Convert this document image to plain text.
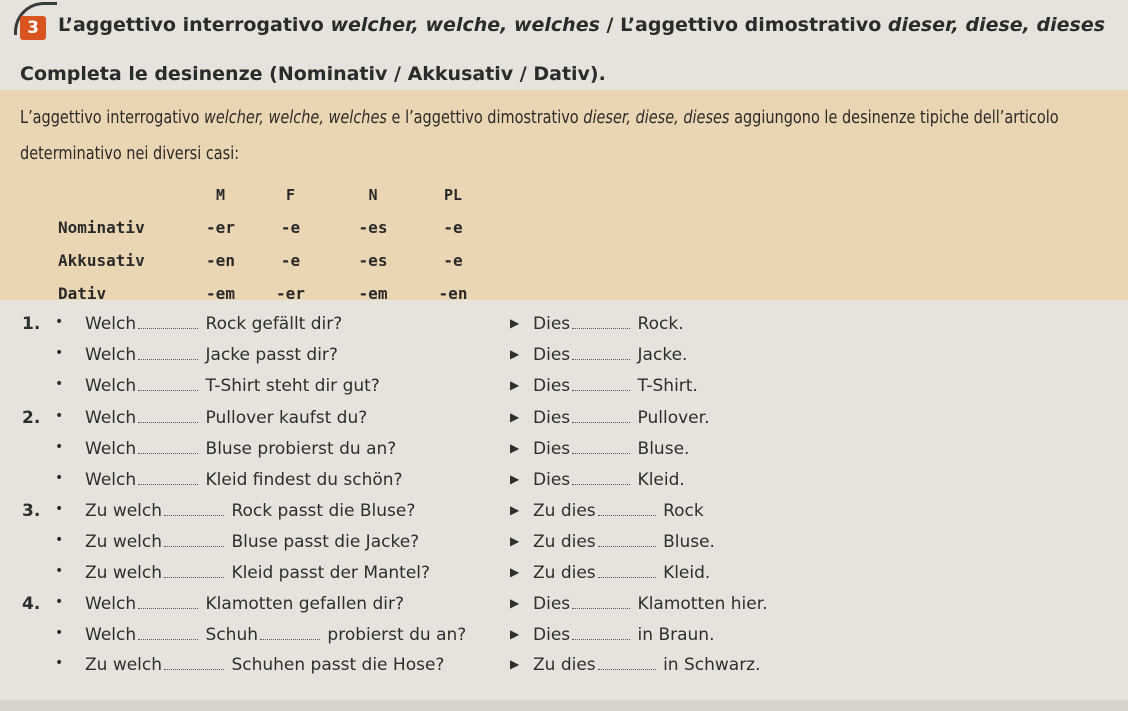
3	L’aggettivo interrogativo welcher, welche, welches / L’aggettivo dimostrativo dieser, diese, dieses
Completa le desinenze (Nominativ / Akkusativ / Dativ).
L’aggettivo interrogativo welcher, welche, welches e l’aggettivo dimostrativo dieser, diese, dieses aggiungono le desinenze tipiche dell’articolo determinativo nei diversi casi:
	M	F	N	PL
Nominativ	-er	-e	-es	-e
Akkusativ	-en	-e	-es	-e
Dativ	-em	-er	-em	-en
1. • Welch	Rock gefällt dir?	▶ Dies	Rock.
• Welch	Jacke passt dir?	▶ Dies	Jacke.
• Welch	T-Shirt steht dir gut?	▶ Dies	T-Shirt.
2. • Welch	Pullover kaufst du?	▶ Dies	Pullover.
• Welch	Bluse probierst du an?	▶ Dies	Bluse.
• Welch	Kleid findest du schön?	▶ Dies	Kleid.
3. • Zu welch	Rock passt die Bluse?	▶ Zu dies	Rock
• Zu welch	Bluse passt die Jacke?	▶ Zu dies	Bluse.
• Zu welch	Kleid passt der Mantel?	▶ Zu dies	Kleid.
4. • Welch	Klamotten gefallen dir?	▶ Dies	Klamotten hier.
• Welch	Schuh	probierst du an?	▶ Dies	in Braun.
• Zu welch	Schuhen passt die Hose?	▶ Zu dies	in Schwarz.
